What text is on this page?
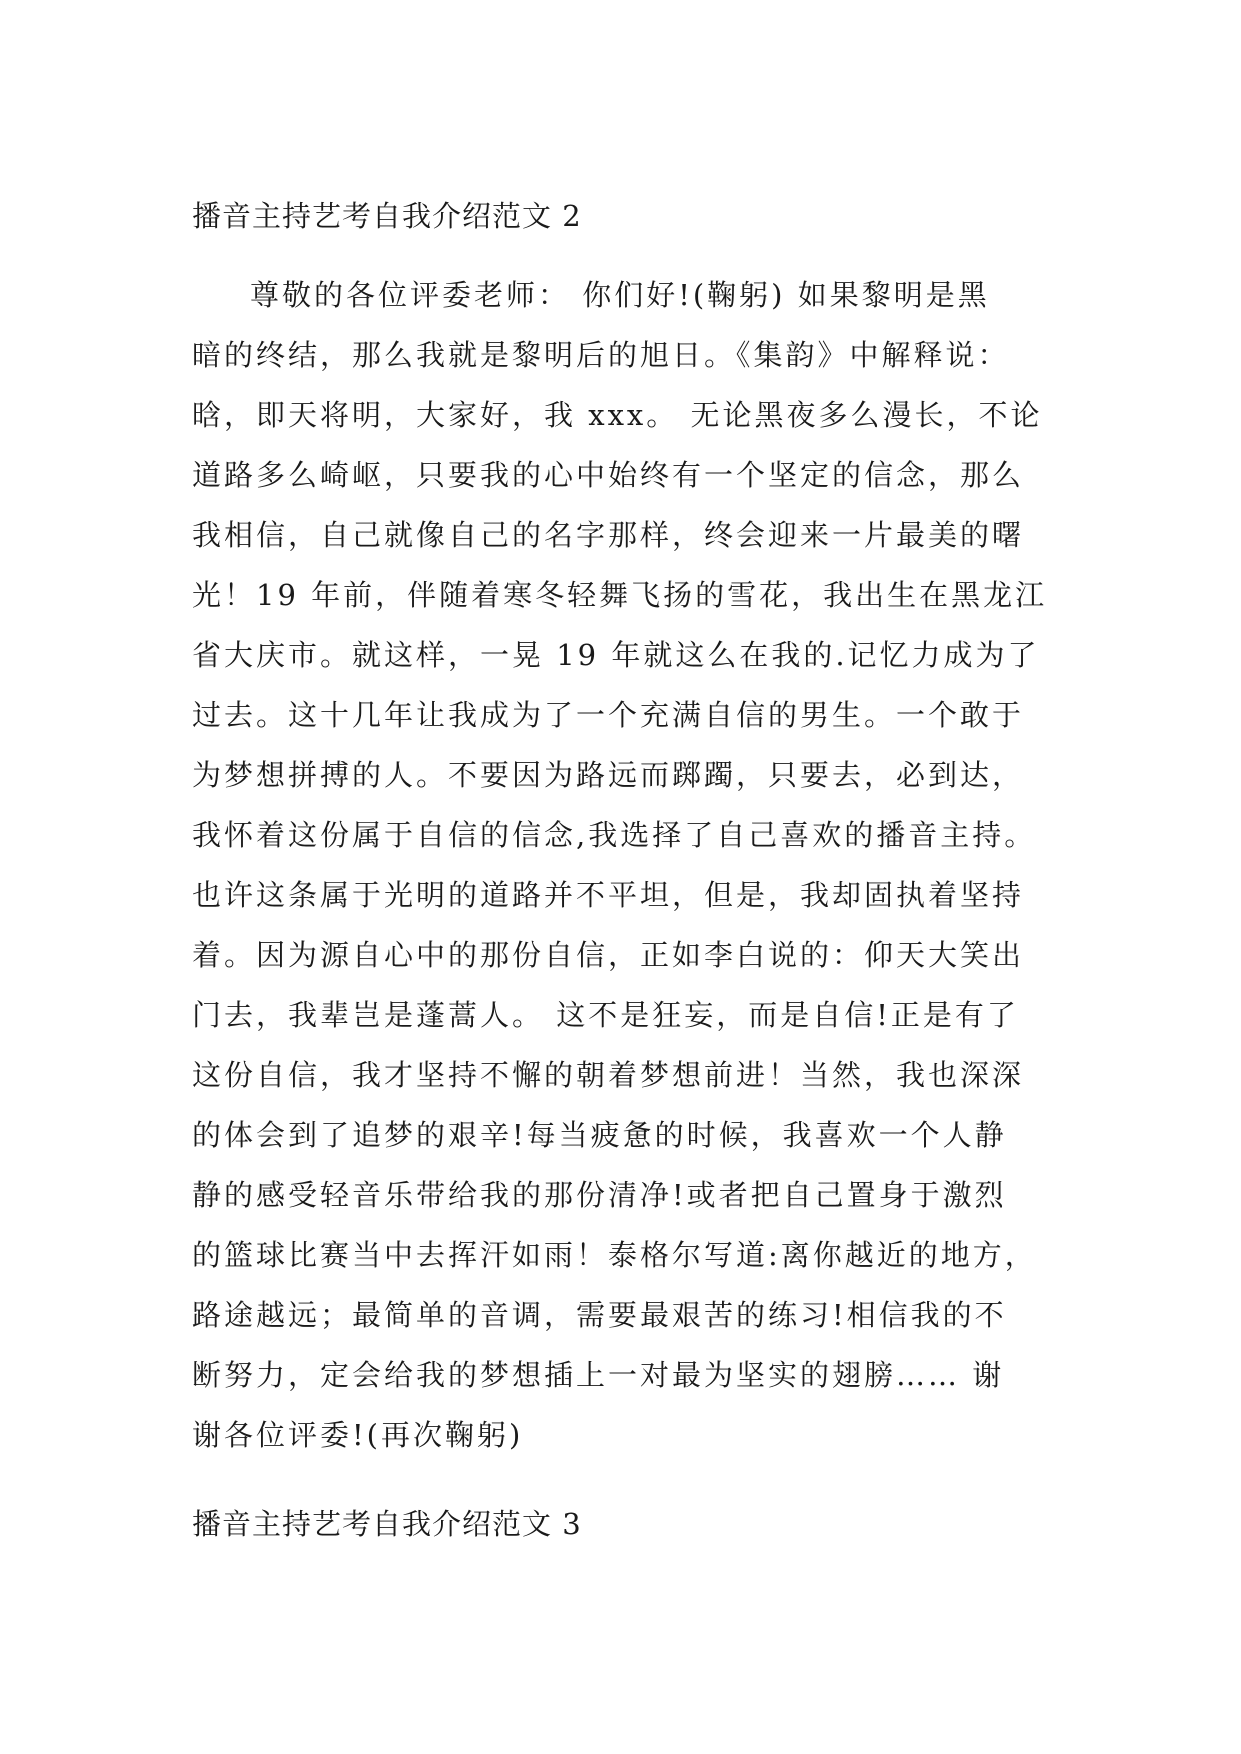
播音主持艺考自我介绍范文 2
尊敬的各位评委老师： 你们好!(鞠躬) 如果黎明是黑
暗的终结，那么我就是黎明后的旭日。《集韵》中解释说：
晗，即天将明，大家好，我 xxx。 无论黑夜多么漫长，不论
道路多么崎岖，只要我的心中始终有一个坚定的信念，那么
我相信，自己就像自己的名字那样，终会迎来一片最美的曙
光！19 年前，伴随着寒冬轻舞飞扬的雪花，我出生在黑龙江
省大庆市。就这样，一晃 19 年就这么在我的.记忆力成为了
过去。这十几年让我成为了一个充满自信的男生。一个敢于
为梦想拼搏的人。不要因为路远而踯躅，只要去，必到达，
我怀着这份属于自信的信念,我选择了自己喜欢的播音主持。
也许这条属于光明的道路并不平坦，但是，我却固执着坚持
着。因为源自心中的那份自信，正如李白说的：仰天大笑出
门去，我辈岂是蓬蒿人。 这不是狂妄，而是自信!正是有了
这份自信，我才坚持不懈的朝着梦想前进！当然，我也深深
的体会到了追梦的艰辛!每当疲惫的时候，我喜欢一个人静
静的感受轻音乐带给我的那份清净!或者把自己置身于激烈
的篮球比赛当中去挥汗如雨！泰格尔写道:离你越近的地方，
路途越远；最简单的音调，需要最艰苦的练习!相信我的不
断努力，定会给我的梦想插上一对最为坚实的翅膀…… 谢
谢各位评委!(再次鞠躬)
播音主持艺考自我介绍范文 3
